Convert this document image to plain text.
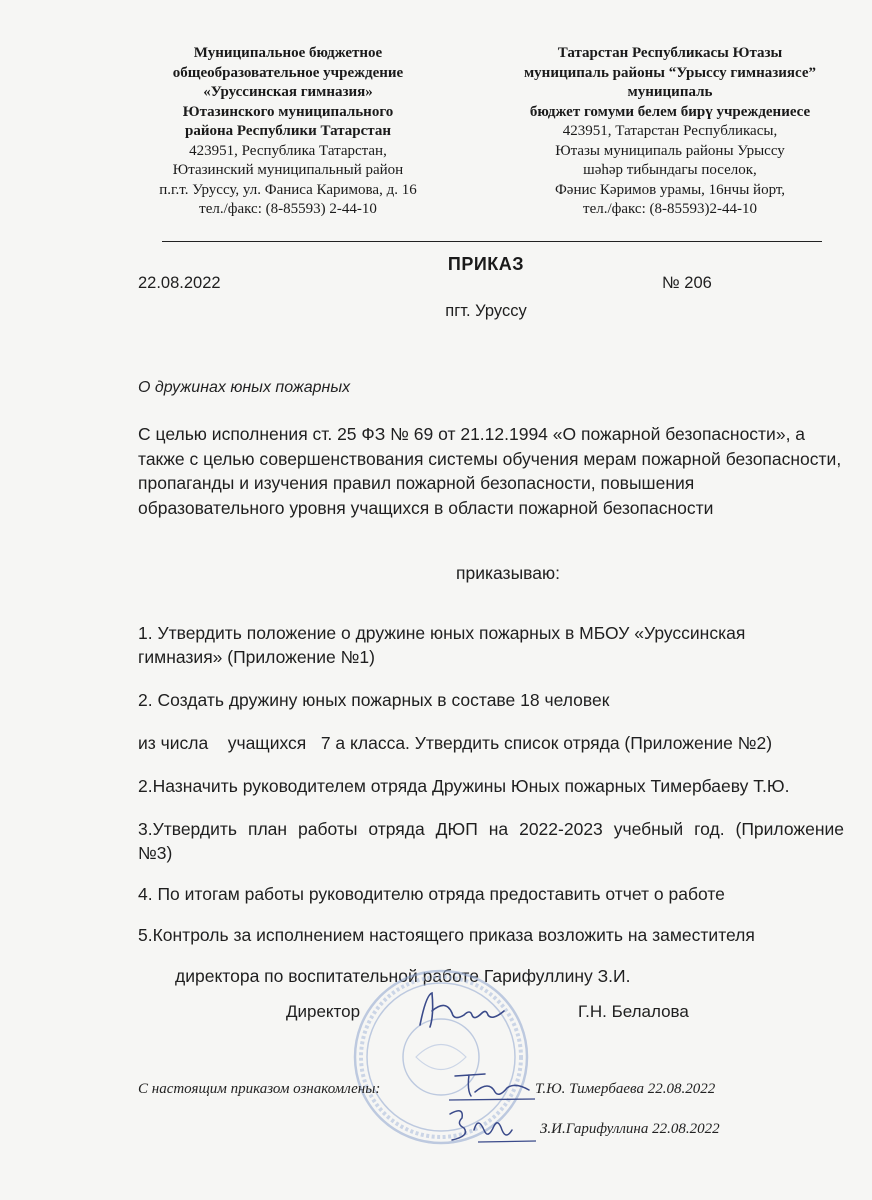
Муниципальное бюджетное
общеобразовательное учреждение
«Уруссинская гимназия»
Ютазинского муниципального
района Республики Татарстан
423951, Республика Татарстан,
Ютазинский муниципальный район
п.г.т. Уруссу, ул. Фаниса Каримова, д. 16
тел./факс: (8-85593) 2-44-10
Татарстан Республикасы Ютазы
муниципаль районы “Урыссу гимназиясе”
муниципаль
бюджет гомуми белем бирү учреждениесе
423951, Татарстан Республикасы,
Ютазы муниципаль районы Урыссу
шәһәр тибындагы поселок,
Фәнис Кәримов урамы, 16нчы йорт,
тел./факс: (8-85593)2-44-10
ПРИКАЗ
22.08.2022	№ 206
пгт. Уруссу
О дружинах юных пожарных
С целью исполнения ст. 25 ФЗ № 69 от 21.12.1994 «О пожарной безопасности», а также с целью совершенствования системы обучения мерам пожарной безопасности, пропаганды и изучения правил пожарной безопасности, повышения образовательного уровня учащихся в области пожарной безопасности
приказываю:
1. Утвердить положение о дружине юных пожарных в МБОУ «Уруссинская
гимназия» (Приложение №1)
2. Создать дружину юных пожарных в составе 18 человек
из числа    учащихся   7 а класса. Утвердить список отряда (Приложение №2)
2.Назначить руководителем отряда Дружины Юных пожарных Тимербаеву Т.Ю.
3.Утвердить план работы отряда ДЮП на 2022-2023 учебный год. (Приложение
№3)
4. По итогам работы руководителю отряда предоставить отчет о работе
5.Контроль за исполнением настоящего приказа возложить на заместителя
директора по воспитательной работе Гарифуллину З.И.
Директор	Г.Н. Белалова
С настоящим приказом ознакомлены:	Т.Ю. Тимербаева 22.08.2022
З.И.Гарифуллина 22.08.2022
